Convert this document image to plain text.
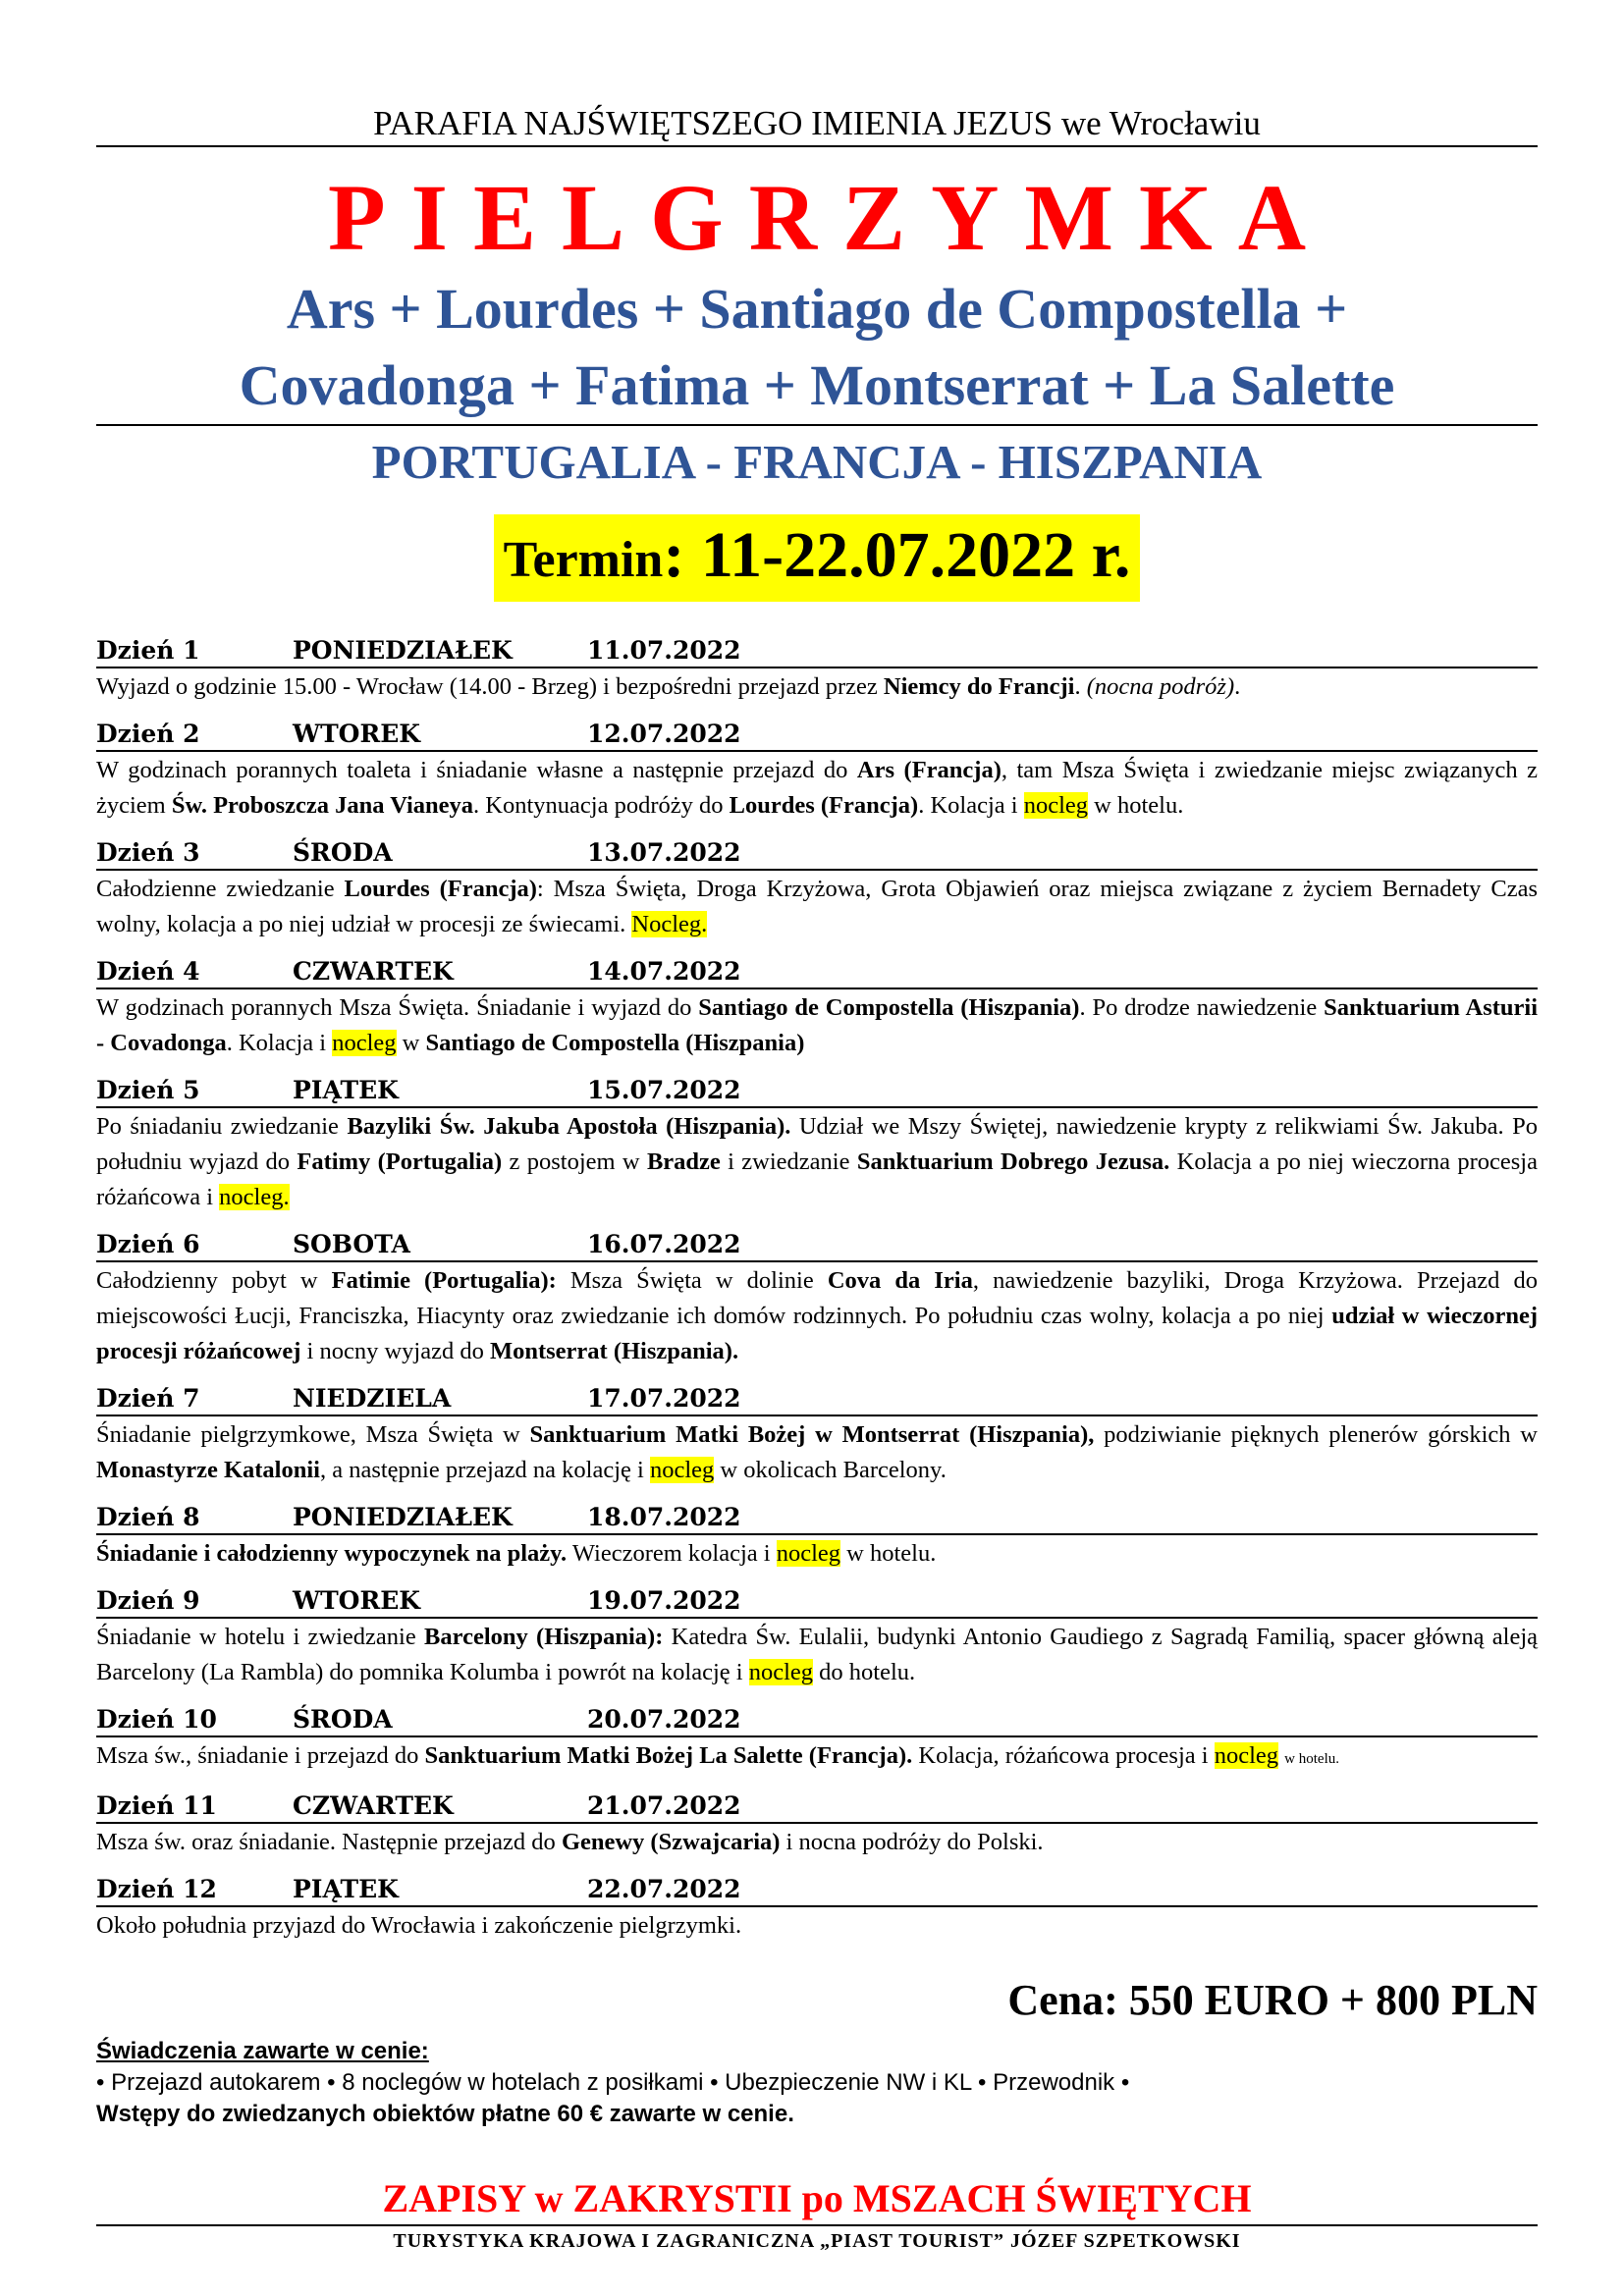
PARAFIA NAJŚWIĘTSZEGO IMIENIA JEZUS we Wrocławiu
PIELGRZYMKA
Ars + Lourdes + Santiago de Compostella +
Covadonga + Fatima + Montserrat + La Salette
PORTUGALIA - FRANCJA - HISZPANIA
Termin: 11-22.07.2022 r.
Dzień 1	PONIEDZIAŁEK	11.07.2022
Wyjazd o godzinie 15.00 - Wrocław (14.00 - Brzeg) i bezpośredni przejazd przez Niemcy do Francji. (nocna podróż).
Dzień 2	WTOREK	12.07.2022
W godzinach porannych toaleta i śniadanie własne a następnie przejazd do Ars (Francja), tam Msza Święta i zwiedzanie miejsc związanych z życiem Św. Proboszcza Jana Vianeya. Kontynuacja podróży do Lourdes (Francja). Kolacja i nocleg w hotelu.
Dzień 3	ŚRODA	13.07.2022
Całodzienne zwiedzanie Lourdes (Francja): Msza Święta, Droga Krzyżowa, Grota Objawień oraz miejsca związane z życiem Bernadety Czas wolny, kolacja a po niej udział w procesji ze świecami. Nocleg.
Dzień 4	CZWARTEK	14.07.2022
W godzinach porannych Msza Święta. Śniadanie i wyjazd do Santiago de Compostella (Hiszpania). Po drodze nawiedzenie Sanktuarium Asturii - Covadonga. Kolacja i nocleg w Santiago de Compostella (Hiszpania)
Dzień 5	PIĄTEK	15.07.2022
Po śniadaniu zwiedzanie Bazyliki Św. Jakuba Apostoła (Hiszpania). Udział we Mszy Świętej, nawiedzenie krypty z relikwiami Św. Jakuba. Po południu wyjazd do Fatimy (Portugalia) z postojem w Bradze i zwiedzanie Sanktuarium Dobrego Jezusa. Kolacja a po niej wieczorna procesja różańcowa i nocleg.
Dzień 6	SOBOTA	16.07.2022
Całodzienny pobyt w Fatimie (Portugalia): Msza Święta w dolinie Cova da Iria, nawiedzenie bazyliki, Droga Krzyżowa. Przejazd do miejscowości Łucji, Franciszka, Hiacynty oraz zwiedzanie ich domów rodzinnych. Po południu czas wolny, kolacja a po niej udział w wieczornej procesji różańcowej i nocny wyjazd do Montserrat (Hiszpania).
Dzień 7	NIEDZIELA	17.07.2022
Śniadanie pielgrzymkowe, Msza Święta w Sanktuarium Matki Bożej w Montserrat (Hiszpania), podziwianie pięknych plenerów górskich w Monastyrze Katalonii, a następnie przejazd na kolację i nocleg w okolicach Barcelony.
Dzień 8	PONIEDZIAŁEK	18.07.2022
Śniadanie i całodzienny wypoczynek na plaży. Wieczorem kolacja i nocleg w hotelu.
Dzień 9	WTOREK	19.07.2022
Śniadanie w hotelu i zwiedzanie Barcelony (Hiszpania): Katedra Św. Eulalii, budynki Antonio Gaudiego z Sagradą Familią, spacer główną aleją Barcelony (La Rambla) do pomnika Kolumba i powrót na kolację i nocleg do hotelu.
Dzień 10	ŚRODA	20.07.2022
Msza św., śniadanie i przejazd do Sanktuarium Matki Bożej La Salette (Francja). Kolacja, różańcowa procesja i nocleg w hotelu.
Dzień 11	CZWARTEK	21.07.2022
Msza św. oraz śniadanie. Następnie przejazd do Genewy (Szwajcaria) i nocna podróży do Polski.
Dzień 12	PIĄTEK	22.07.2022
Około południa przyjazd do Wrocławia i zakończenie pielgrzymki.
Cena: 550 EURO + 800 PLN
Świadczenia zawarte w cenie:
• Przejazd autokarem • 8 noclegów w hotelach z posiłkami • Ubezpieczenie NW i KL • Przewodnik •
Wstępy do zwiedzanych obiektów płatne 60 € zawarte w cenie.
ZAPISY w ZAKRYSTII po MSZACH ŚWIĘTYCH
TURYSTYKA KRAJOWA I ZAGRANICZNA „PIAST TOURIST” JÓZEF SZPETKOWSKI
